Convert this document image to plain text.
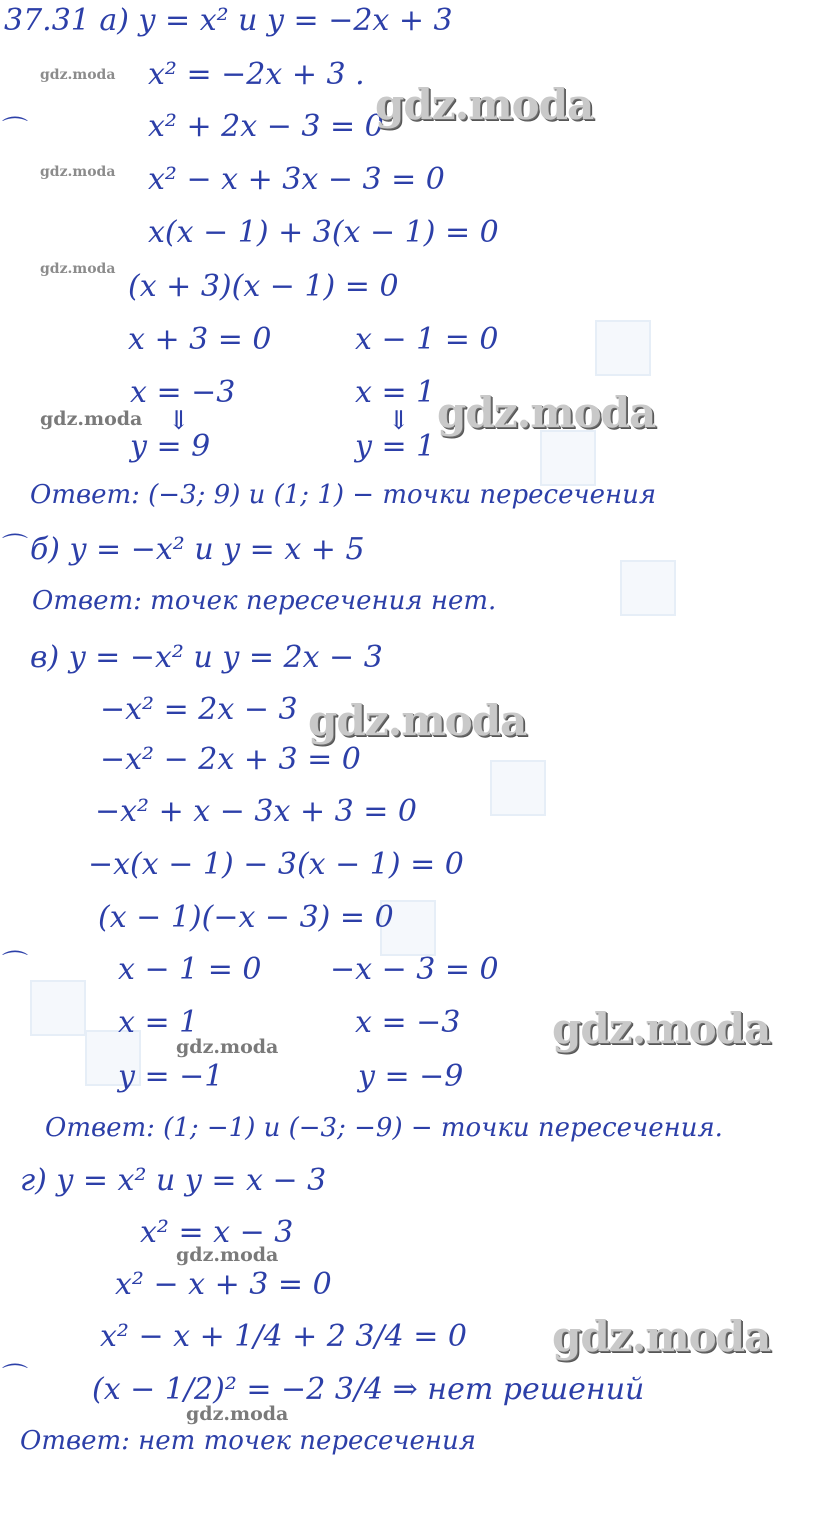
⌒
⌒
⌒
⌒
37.31 а) y = x² и y = −2x + 3
x² = −2x + 3 .
x² + 2x − 3 = 0
x² − x + 3x − 3 = 0
x(x − 1) + 3(x − 1) = 0
(x + 3)(x − 1) = 0
x + 3 = 0	x − 1 = 0
x = −3	x = 1
⇓	⇓
y = 9	y = 1
Ответ: (−3; 9) и (1; 1) − точки пересечения
б) y = −x² и y = x + 5
Ответ: точек пересечения нет.
в) y = −x² и y = 2x − 3
−x² = 2x − 3
−x² − 2x + 3 = 0
−x² + x − 3x + 3 = 0
−x(x − 1) − 3(x − 1) = 0
(x − 1)(−x − 3) = 0
x − 1 = 0 −x − 3 = 0
x = 1	x = −3
y = −1	y = −9
Ответ: (1; −1) и (−3; −9) − точки пересечения.
г) y = x² и y = x − 3
x² = x − 3
x² − x + 3 = 0
x² − x + 1/4 + 2 3/4 = 0
(x − 1/2)² = −2 3/4 ⇒ нет решений
Ответ: нет точек пересечения
gdz.moda
gdz.moda
gdz.moda
gdz.moda
gdz.moda	gdz.moda
gdz.moda
gdz.moda
gdz.moda
gdz.moda
gdz.moda
gdz.moda
